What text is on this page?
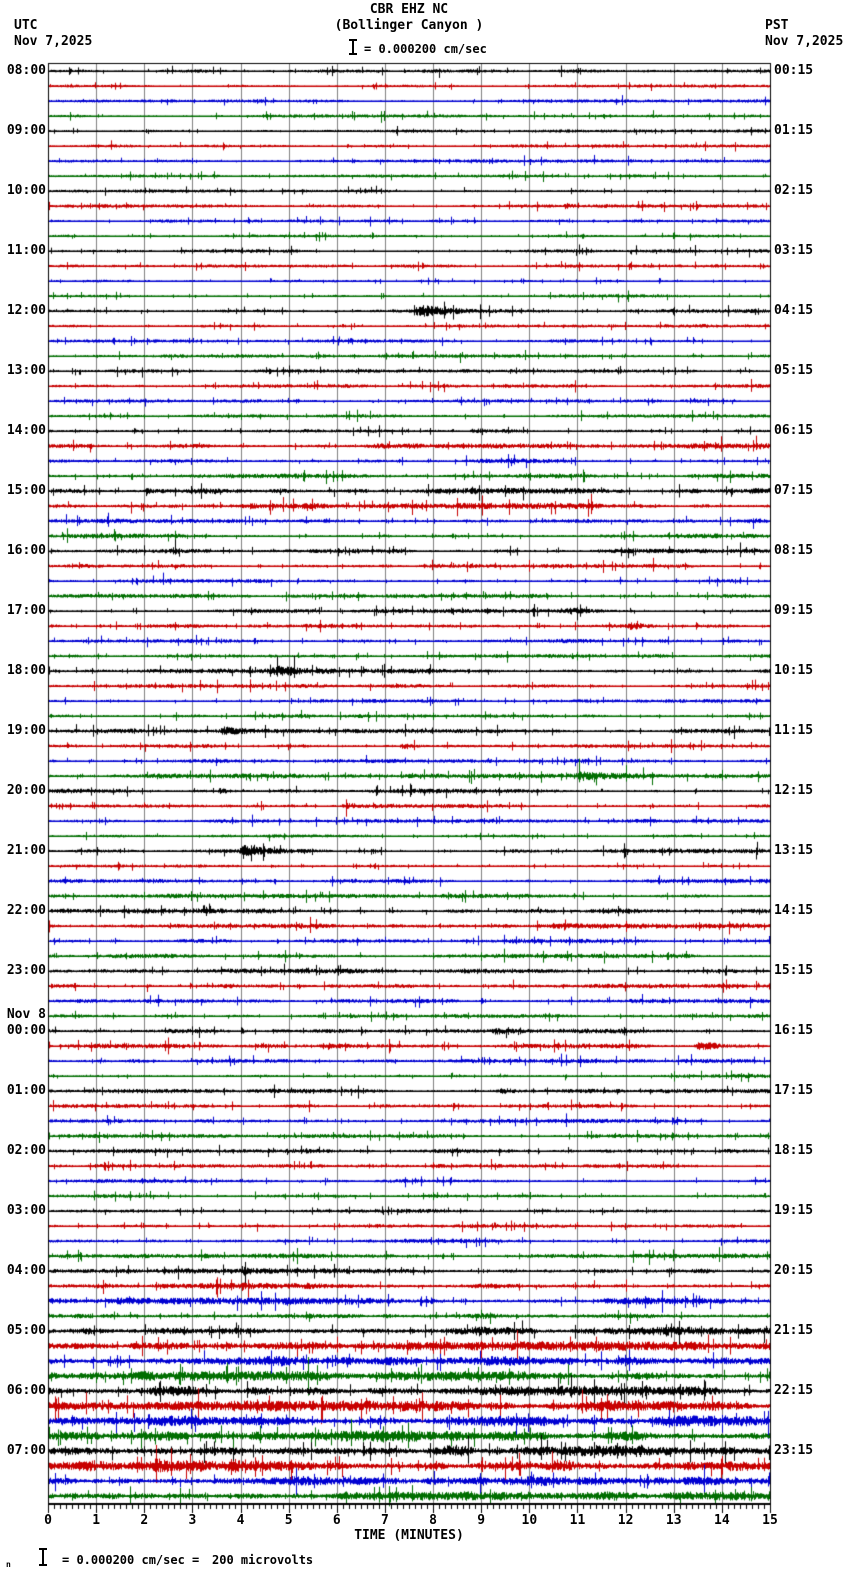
UTC
Nov 7,2025
CBR EHZ NC
(Bollinger Canyon )
= 0.000200 cm/sec
PST
Nov 7,2025
08:00
09:00
10:00
11:00
12:00
13:00
14:00
15:00
16:00
17:00
18:00
19:00
20:00
21:00
22:00
23:00
00:00
01:00
02:00
03:00
04:00
05:00
06:00
07:00
Nov 8
00:15
01:15
02:15
03:15
04:15
05:15
06:15
07:15
08:15
09:15
10:15
11:15
12:15
13:15
14:15
15:15
16:15
17:15
18:15
19:15
20:15
21:15
22:15
23:15
0	1	2	3	4	5	6	7	8	9	10	11	12	13	14	15
TIME (MINUTES)
n	= 0.000200 cm/sec = 200 microvolts
